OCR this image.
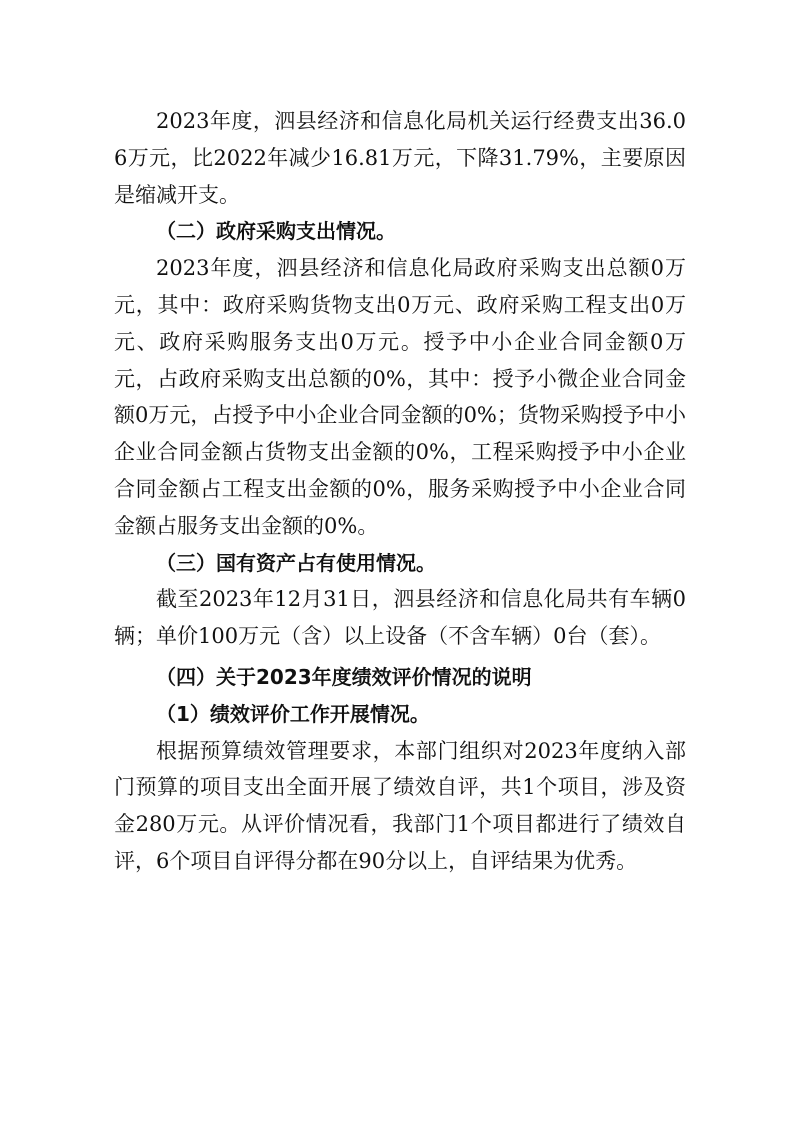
2023年度，泗县经济和信息化局机关运行经费支出36.06万元，比2022年减少16.81万元，下降31.79%，主要原因是缩减开支。

（二）政府采购支出情况。

2023年度，泗县经济和信息化局政府采购支出总额0万元，其中：政府采购货物支出0万元、政府采购工程支出0万元、政府采购服务支出0万元。授予中小企业合同金额0万元，占政府采购支出总额的0%，其中：授予小微企业合同金额0万元，占授予中小企业合同金额的0%；货物采购授予中小企业合同金额占货物支出金额的0%，工程采购授予中小企业合同金额占工程支出金额的0%，服务采购授予中小企业合同金额占服务支出金额的0%。

（三）国有资产占有使用情况。

截至2023年12月31日，泗县经济和信息化局共有车辆0辆；单价100万元（含）以上设备（不含车辆）0台（套）。

（四）关于2023年度绩效评价情况的说明

（1）绩效评价工作开展情况。

根据预算绩效管理要求，本部门组织对2023年度纳入部门预算的项目支出全面开展了绩效自评，共1个项目，涉及资金280万元。从评价情况看，我部门1个项目都进行了绩效自评，6个项目自评得分都在90分以上，自评结果为优秀。
